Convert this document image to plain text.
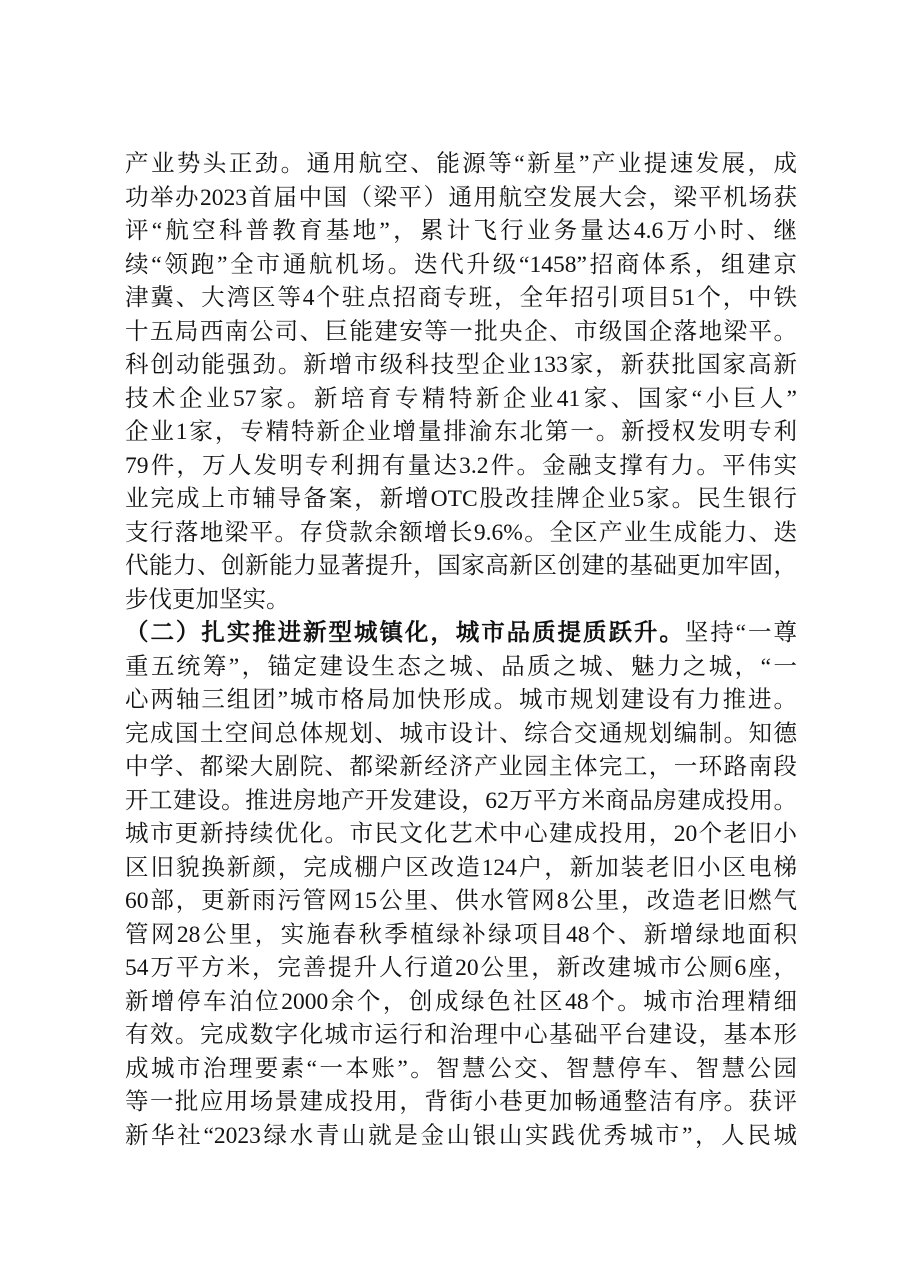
产业势头正劲。通用航空、能源等“新星”产业提速发展，成
功举办2023首届中国（梁平）通用航空发展大会，梁平机场获
评“航空科普教育基地”，累计飞行业务量达4.6万小时、继
续“领跑”全市通航机场。迭代升级“1458”招商体系，组建京
津冀、大湾区等4个驻点招商专班，全年招引项目51个，中铁
十五局西南公司、巨能建安等一批央企、市级国企落地梁平。
科创动能强劲。新增市级科技型企业133家，新获批国家高新
技术企业57家。新培育专精特新企业41家、国家“小巨人”
企业1家，专精特新企业增量排渝东北第一。新授权发明专利
79件，万人发明专利拥有量达3.2件。金融支撑有力。平伟实
业完成上市辅导备案，新增OTC股改挂牌企业5家。民生银行
支行落地梁平。存贷款余额增长9.6%。全区产业生成能力、迭
代能力、创新能力显著提升，国家高新区创建的基础更加牢固，
步伐更加坚实。
（二）扎实推进新型城镇化，城市品质提质跃升。坚持“一尊
重五统筹”，锚定建设生态之城、品质之城、魅力之城，“一
心两轴三组团”城市格局加快形成。城市规划建设有力推进。
完成国土空间总体规划、城市设计、综合交通规划编制。知德
中学、都梁大剧院、都梁新经济产业园主体完工，一环路南段
开工建设。推进房地产开发建设，62万平方米商品房建成投用。
城市更新持续优化。市民文化艺术中心建成投用，20个老旧小
区旧貌换新颜，完成棚户区改造124户，新加装老旧小区电梯
60部，更新雨污管网15公里、供水管网8公里，改造老旧燃气
管网28公里，实施春秋季植绿补绿项目48个、新增绿地面积
54万平方米，完善提升人行道20公里，新改建城市公厕6座，
新增停车泊位2000余个，创成绿色社区48个。城市治理精细
有效。完成数字化城市运行和治理中心基础平台建设，基本形
成城市治理要素“一本账”。智慧公交、智慧停车、智慧公园
等一批应用场景建成投用，背街小巷更加畅通整洁有序。获评
新华社“2023绿水青山就是金山银山实践优秀城市”，人民城
